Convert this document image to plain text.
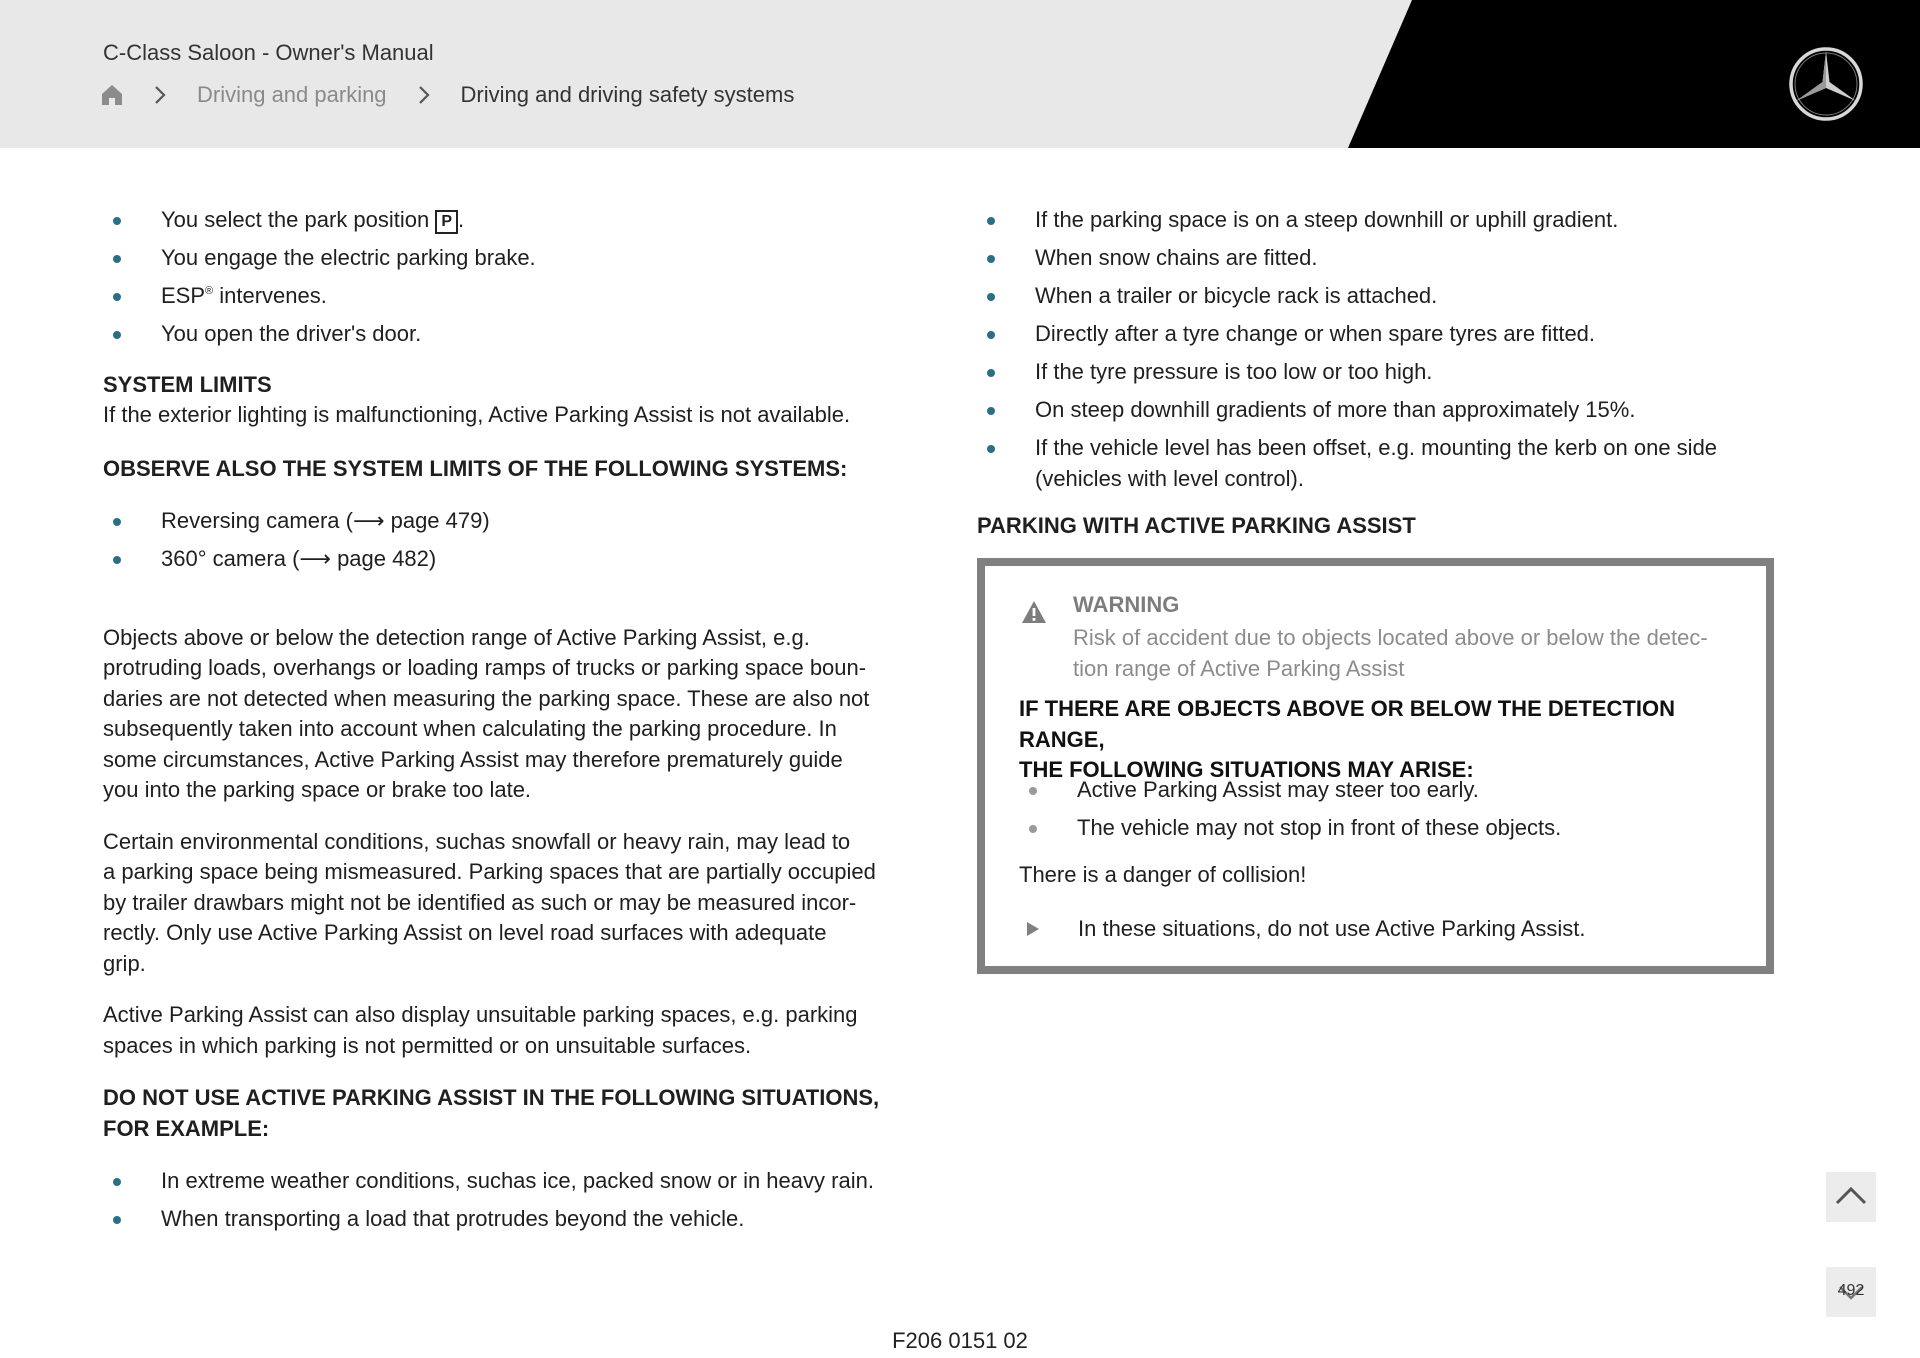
C-Class Saloon - Owner's Manual
Driving and parking	Driving and driving safety systems
You select the park position P .
You engage the electric parking brake.
ESP® intervenes.
You open the driver's door.

SYSTEM LIMITS

If the exterior lighting is malfunctioning, Active Parking Assist is not available.

OBSERVE ALSO THE SYSTEM LIMITS OF THE FOLLOWING SYSTEMS:

Reversing camera (⟶ page 479)
360° camera (⟶ page 482)
Objects above or below the detection range of Active Parking Assist, e.g.
protruding loads, overhangs or loading ramps of trucks or parking space boun-
daries are not detected when measuring the parking space. These are also not
subsequently taken into account when calculating the parking procedure. In
some circumstances, Active Parking Assist may therefore prematurely guide
you into the parking space or brake too late.
Certain environmental conditions, suchas snowfall or heavy rain, may lead to
a parking space being mismeasured. Parking spaces that are partially occupied
by trailer drawbars might not be identified as such or may be measured incor-
rectly. Only use Active Parking Assist on level road surfaces with adequate
grip.
Active Parking Assist can also display unsuitable parking spaces, e.g. parking
spaces in which parking is not permitted or on unsuitable surfaces.
DO NOT USE ACTIVE PARKING ASSIST IN THE FOLLOWING SITUATIONS,
FOR EXAMPLE:
In extreme weather conditions, suchas ice, packed snow or in heavy rain.
When transporting a load that protrudes beyond the vehicle.
If the parking space is on a steep downhill or uphill gradient.
When snow chains are fitted.
When a trailer or bicycle rack is attached.
Directly after a tyre change or when spare tyres are fitted.
If the tyre pressure is too low or too high.
On steep downhill gradients of more than approximately 15%.
If the vehicle level has been offset, e.g. mounting the kerb on one side
(vehicles with level control).

PARKING WITH ACTIVE PARKING ASSIST

WARNING
Risk of accident due to objects located above or below the detec-
tion range of Active Parking Assist
IF THERE ARE OBJECTS ABOVE OR BELOW THE DETECTION RANGE,
THE FOLLOWING SITUATIONS MAY ARISE:
Active Parking Assist may steer too early.
The vehicle may not stop in front of these objects.
There is a danger of collision!
In these situations, do not use Active Parking Assist.
492
F206 0151 02
